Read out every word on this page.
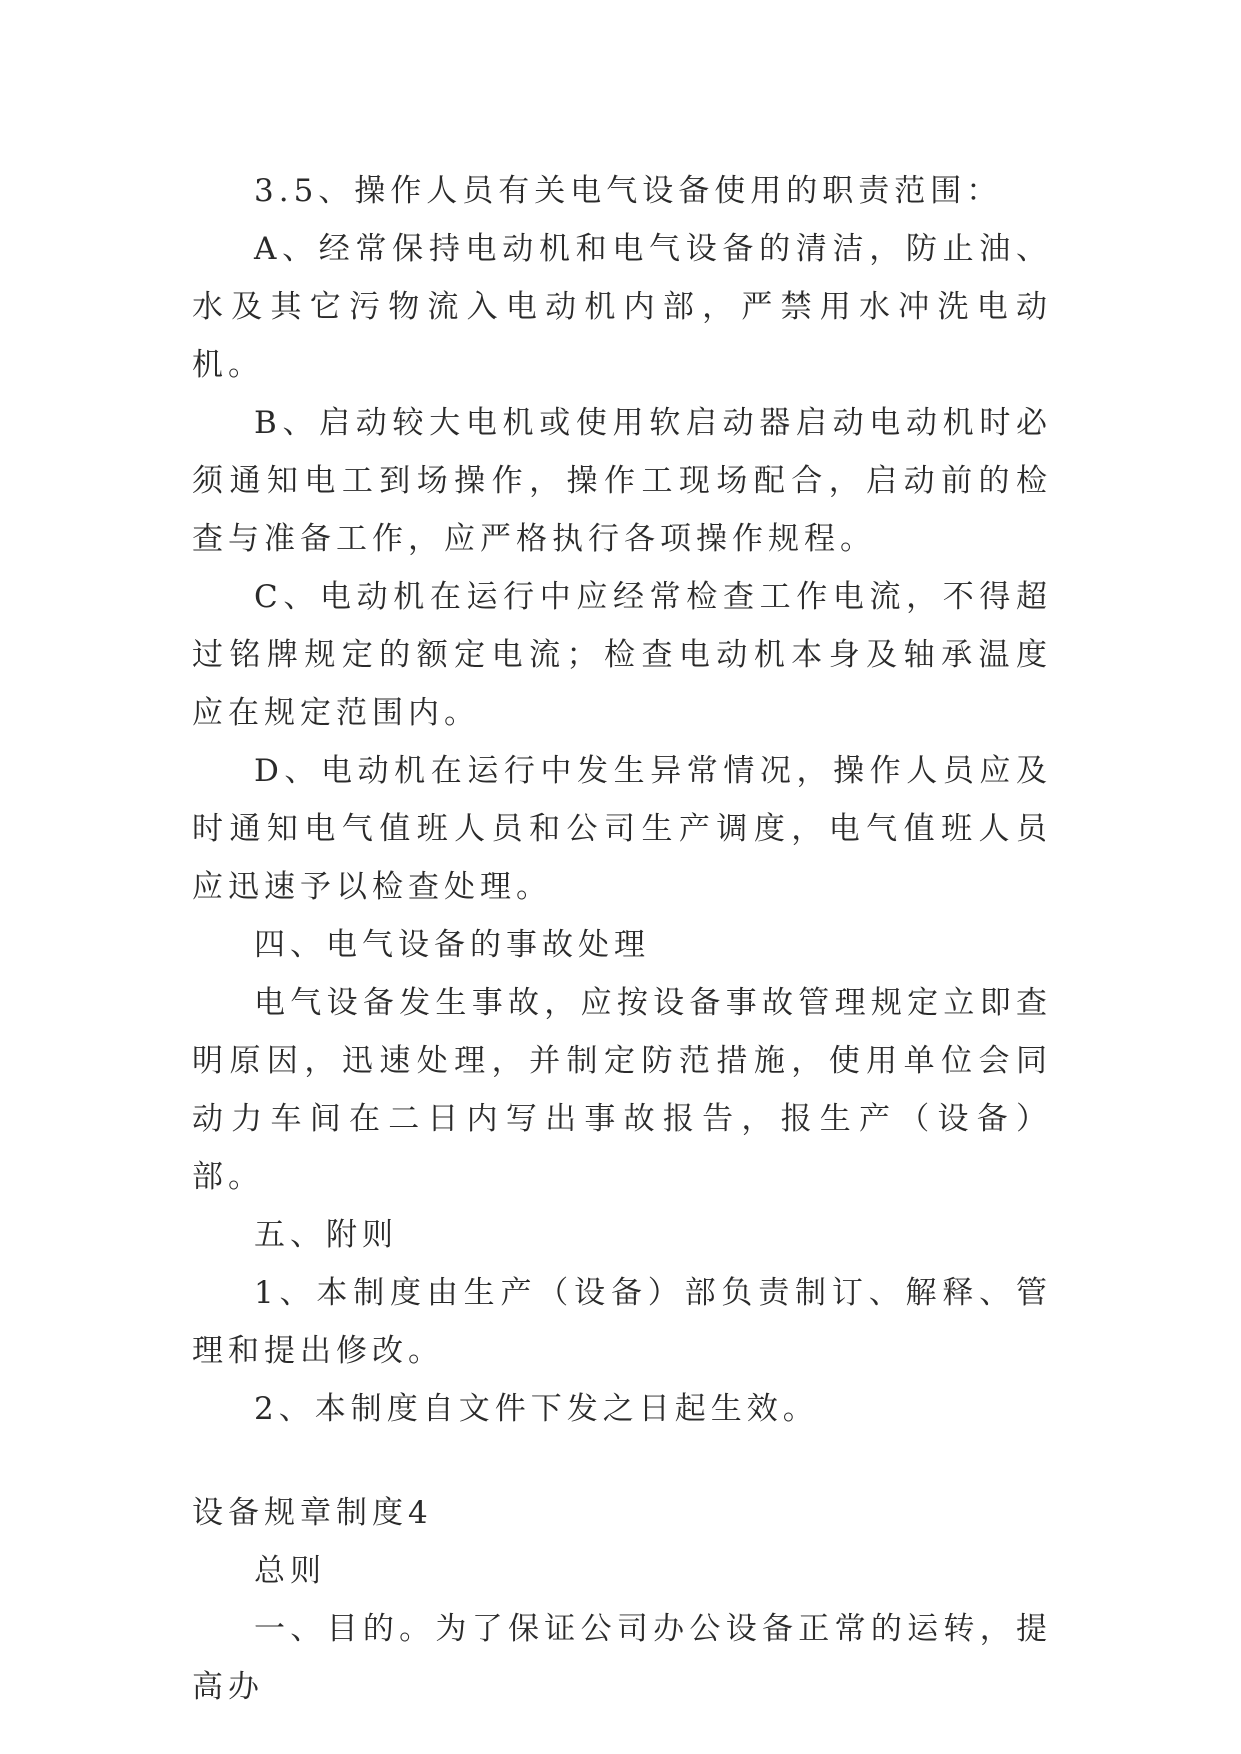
3.5、操作人员有关电气设备使用的职责范围：

A、经常保持电动机和电气设备的清洁，防止油、水及其它污物流入电动机内部，严禁用水冲洗电动机。

B、启动较大电机或使用软启动器启动电动机时必须通知电工到场操作，操作工现场配合，启动前的检查与准备工作，应严格执行各项操作规程。

C、电动机在运行中应经常检查工作电流，不得超过铭牌规定的额定电流；检查电动机本身及轴承温度应在规定范围内。

D、电动机在运行中发生异常情况，操作人员应及时通知电气值班人员和公司生产调度，电气值班人员应迅速予以检查处理。

四、电气设备的事故处理

电气设备发生事故，应按设备事故管理规定立即查明原因，迅速处理，并制定防范措施，使用单位会同动力车间在二日内写出事故报告，报生产（设备）部。

五、附则

1、本制度由生产（设备）部负责制订、解释、管理和提出修改。

2、本制度自文件下发之日起生效。

设备规章制度4

总则

一、目的。为了保证公司办公设备正常的运转，提高办
